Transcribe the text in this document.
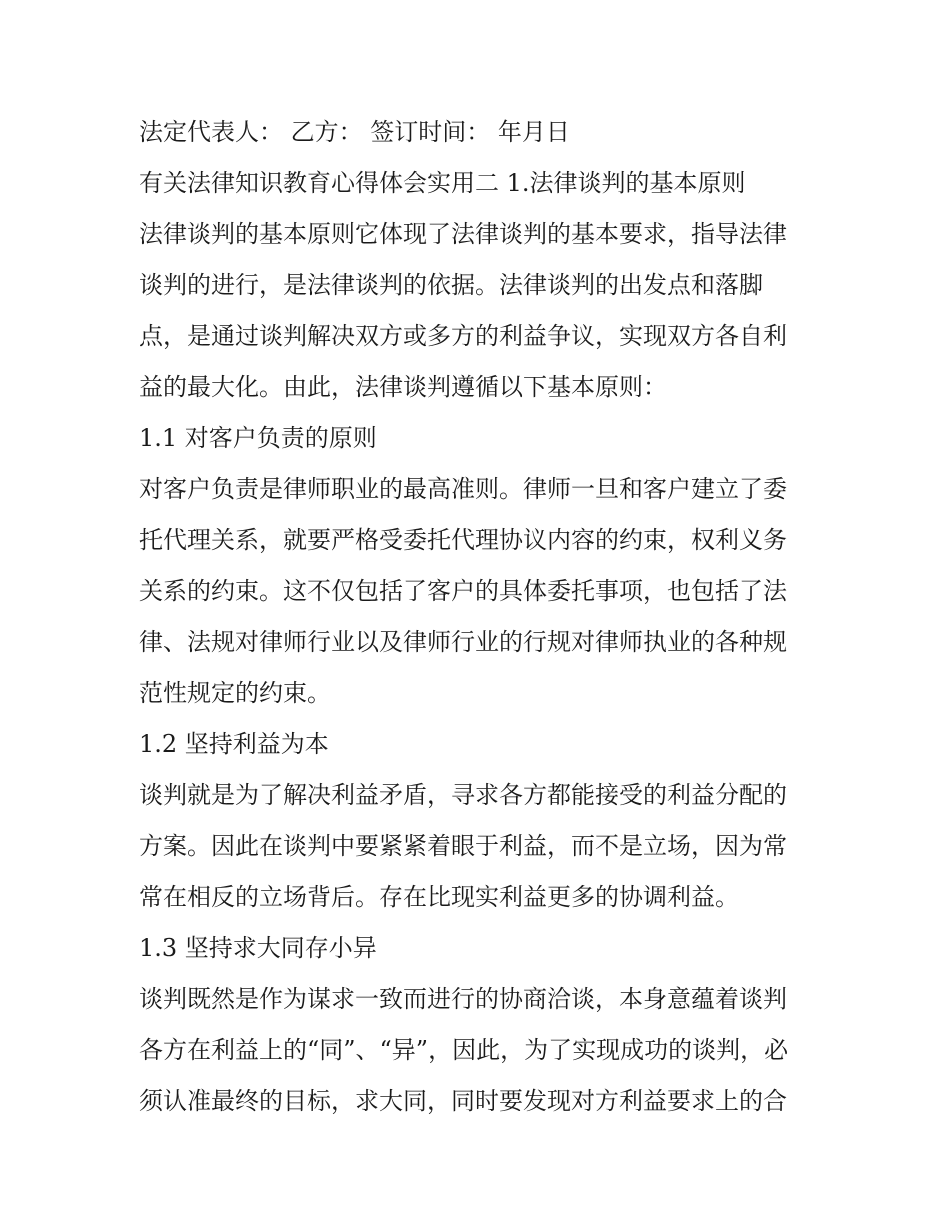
法定代表人： 乙方： 签订时间： 年月日
有关法律知识教育心得体会实用二 1.法律谈判的基本原则
法律谈判的基本原则它体现了法律谈判的基本要求，指导法律
谈判的进行，是法律谈判的依据。法律谈判的出发点和落脚
点，是通过谈判解决双方或多方的利益争议，实现双方各自利
益的最大化。由此，法律谈判遵循以下基本原则：
1.1 对客户负责的原则
对客户负责是律师职业的最高准则。律师一旦和客户建立了委
托代理关系，就要严格受委托代理协议内容的约束，权利义务
关系的约束。这不仅包括了客户的具体委托事项，也包括了法
律、法规对律师行业以及律师行业的行规对律师执业的各种规
范性规定的约束。
1.2 坚持利益为本
谈判就是为了解决利益矛盾，寻求各方都能接受的利益分配的
方案。因此在谈判中要紧紧着眼于利益，而不是立场，因为常
常在相反的立场背后。存在比现实利益更多的协调利益。
1.3 坚持求大同存小异
谈判既然是作为谋求一致而进行的协商洽谈，本身意蕴着谈判
各方在利益上的“同”、“异”，因此，为了实现成功的谈判，必
须认准最终的目标，求大同，同时要发现对方利益要求上的合
